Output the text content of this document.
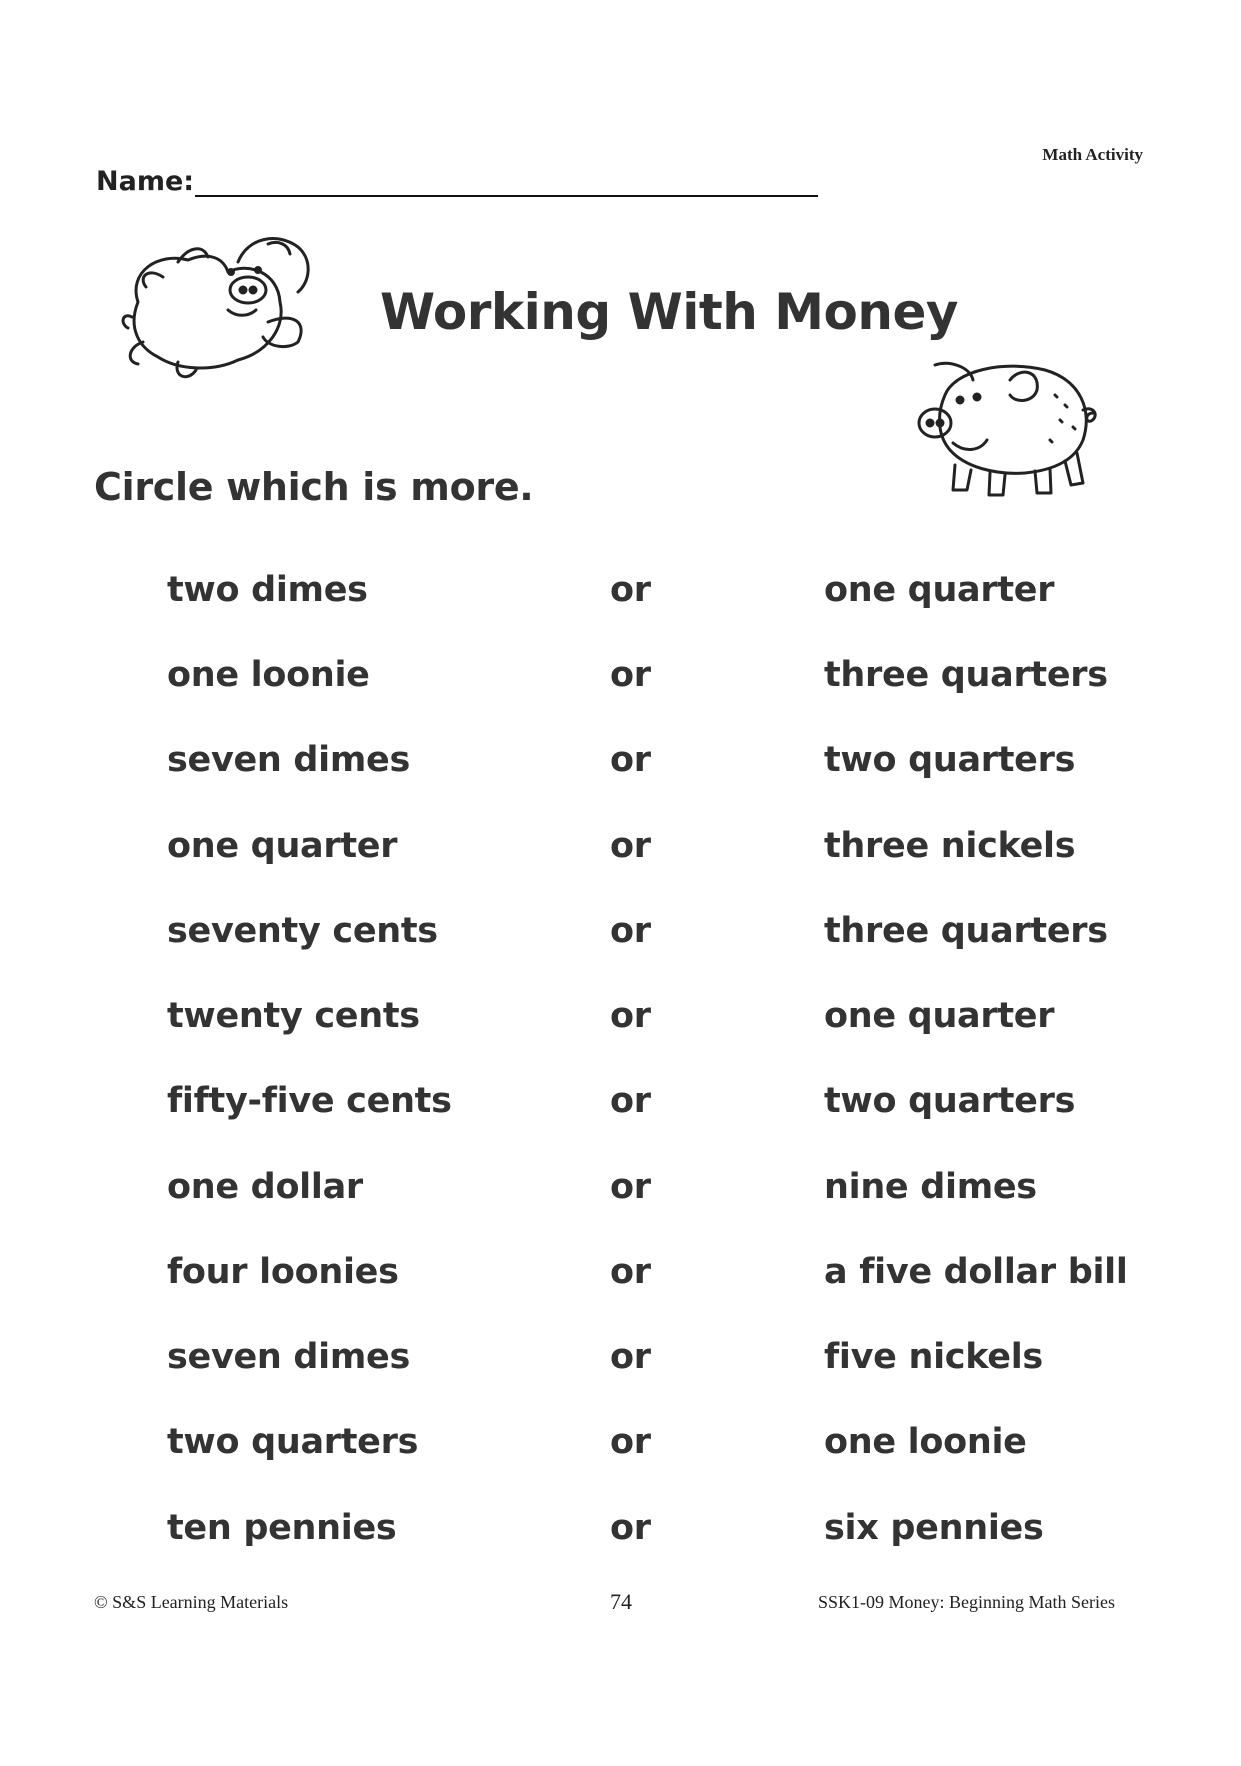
Math Activity
Name:
Working With Money
Circle which is more.
two dimes	or	one quarter
one loonie	or	three quarters
seven dimes	or	two quarters
one quarter	or	three nickels
seventy cents	or	three quarters
twenty cents	or	one quarter
fifty-five cents	or	two quarters
one dollar	or	nine dimes
four loonies	or	a five dollar bill
seven dimes	or	five nickels
two quarters	or	one loonie
ten pennies	or	six pennies
© S&S Learning Materials	74	SSK1-09 Money: Beginning Math Series
